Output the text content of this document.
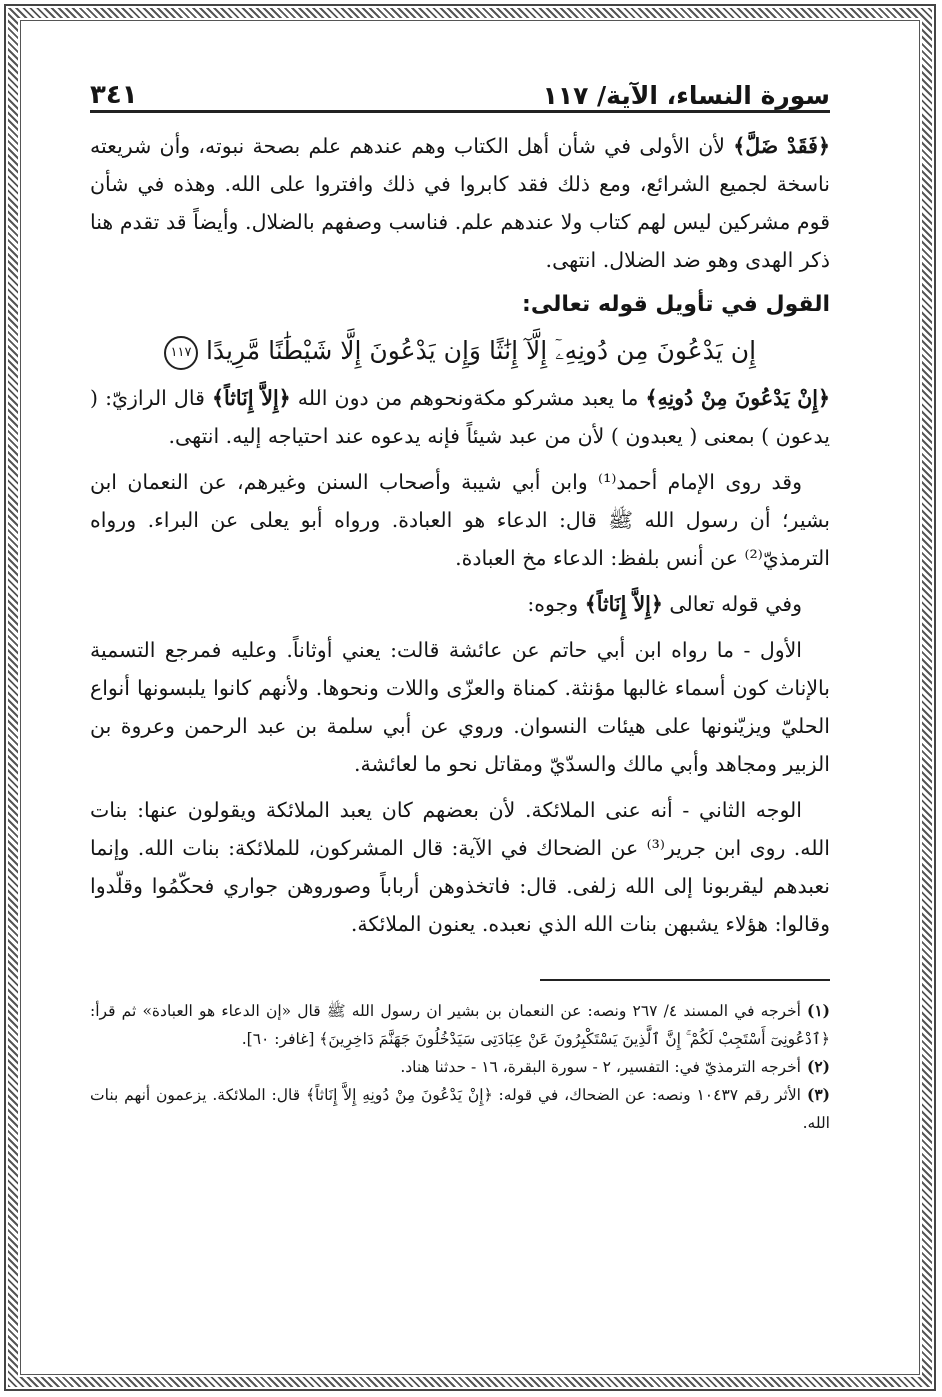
سورة النساء، الآية/ ١١٧
٣٤١

﴿فَقَدْ ضَلَّ﴾ لأن الأولى في شأن أهل الكتاب وهم عندهم علم بصحة نبوته، وأن شريعته ناسخة لجميع الشرائع، ومع ذلك فقد كابروا في ذلك وافتروا على الله. وهذه في شأن قوم مشركين ليس لهم كتاب ولا عندهم علم. فناسب وصفهم بالضلال. وأيضاً قد تقدم هنا ذكر الهدى وهو ضد الضلال. انتهى.

القول في تأويل قوله تعالى:
إِن يَدْعُونَ مِن دُونِهِۦٓ إِلَّآ إِنَٰثًا وَإِن يَدْعُونَ إِلَّا شَيْطَٰنًا مَّرِيدًا١١٧

﴿إِنْ يَدْعُونَ مِنْ دُونِهِ﴾ ما يعبد مشركو مكةونحوهم من دون الله ﴿إِلاَّ إِنَاثاً﴾ قال الرازيّ: ( يدعون ) بمعنى ( يعبدون ) لأن من عبد شيئاً فإنه يدعوه عند احتياجه إليه. انتهى.

وقد روى الإمام أحمد⁽¹⁾ وابن أبي شيبة وأصحاب السنن وغيرهم، عن النعمان ابن بشير؛ أن رسول الله ﷺ قال: الدعاء هو العبادة. ورواه أبو يعلى عن البراء. ورواه الترمذيّ⁽²⁾ عن أنس بلفظ: الدعاء مخ العبادة.

وفي قوله تعالى ﴿إِلاَّ إِنَاثاً﴾ وجوه:

الأول - ما رواه ابن أبي حاتم عن عائشة قالت: يعني أوثاناً. وعليه فمرجع التسمية بالإناث كون أسماء غالبها مؤنثة. كمناة والعزّى واللات ونحوها. ولأنهم كانوا يلبسونها أنواع الحليّ ويزيّنونها على هيئات النسوان. وروي عن أبي سلمة بن عبد الرحمن وعروة بن الزبير ومجاهد وأبي مالك والسدّيّ ومقاتل نحو ما لعائشة.

الوجه الثاني - أنه عنى الملائكة. لأن بعضهم كان يعبد الملائكة ويقولون عنها: بنات الله. روى ابن جرير⁽³⁾ عن الضحاك في الآية: قال المشركون، للملائكة: بنات الله. وإنما نعبدهم ليقربونا إلى الله زلفى. قال: فاتخذوهن أرباباً وصوروهن جواري فحكّمُوا وقلّدوا وقالوا: هؤلاء يشبهن بنات الله الذي نعبده. يعنون الملائكة.

(١)أخرجه في المسند ٤/ ٢٦٧ ونصه: عن النعمان بن بشير ان رسول الله ﷺ قال «إن الدعاء هو العبادة» ثم قرأ: ﴿ٱدْعُونِىٓ أَسْتَجِبْ لَكُمْ ۚ إِنَّ ٱلَّذِينَ يَسْتَكْبِرُونَ عَنْ عِبَادَتِى سَيَدْخُلُونَ جَهَنَّمَ دَاخِرِينَ﴾ [غافر: ٦٠].

(٢)أخرجه الترمذيّ في: التفسير، ٢ - سورة البقرة، ١٦ - حدثنا هناد.

(٣)الأثر رقم ١٠٤٣٧ ونصه: عن الضحاك، في قوله: ﴿إِنْ يَدْعُونَ مِنْ دُونِهِ إِلاَّ إِنَاثاً﴾ قال: الملائكة. يزعمون أنهم بنات الله.
